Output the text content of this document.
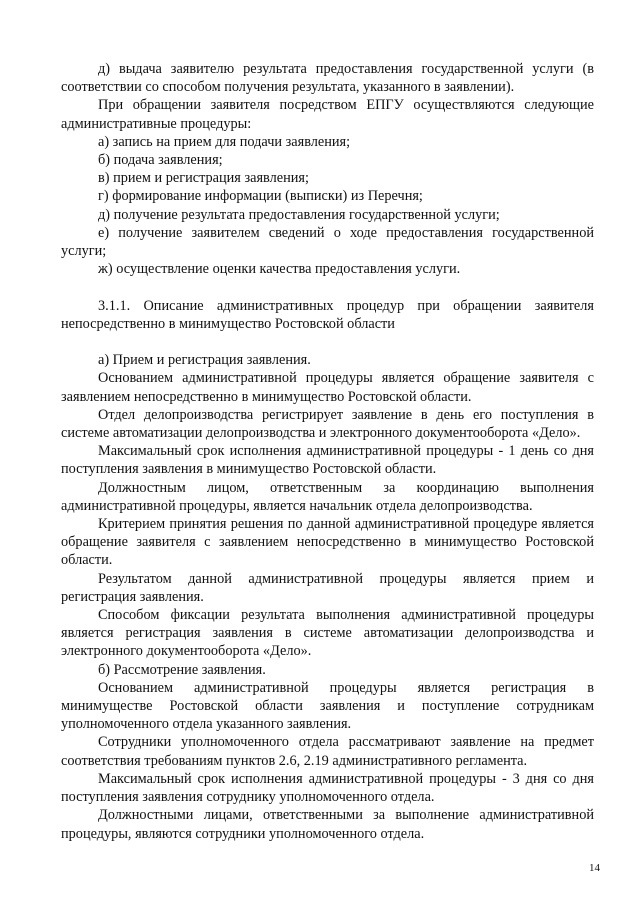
д) выдача заявителю результата предоставления государственной услуги (в соответствии со способом получения результата, указанного в заявлении).

При обращении заявителя посредством ЕПГУ осуществляются следующие административные процедуры:

а) запись на прием для подачи заявления;

б) подача заявления;

в) прием и регистрация заявления;

г) формирование информации (выписки) из Перечня;

д) получение результата предоставления государственной услуги;

е) получение заявителем сведений о ходе предоставления государственной услуги;

ж) осуществление оценки качества предоставления услуги.

3.1.1. Описание административных процедур при обращении заявителя непосредственно в минимущество Ростовской области

а) Прием и регистрация заявления.

Основанием административной процедуры является обращение заявителя с заявлением непосредственно в минимущество Ростовской области.

Отдел делопроизводства регистрирует заявление в день его поступления в системе автоматизации делопроизводства и электронного документооборота «Дело».

Максимальный срок исполнения административной процедуры - 1 день со дня поступления заявления в минимущество Ростовской области.

Должностным лицом, ответственным за координацию выполнения административной процедуры, является начальник отдела делопроизводства.

Критерием принятия решения по данной административной процедуре является обращение заявителя с заявлением непосредственно в минимущество Ростовской области.

Результатом данной административной процедуры является прием и регистрация заявления.

Способом фиксации результата выполнения административной процедуры является регистрация заявления в системе автоматизации делопроизводства и электронного документооборота «Дело».

б) Рассмотрение заявления.

Основанием административной процедуры является регистрация в минимуществе Ростовской области заявления и поступление сотрудникам уполномоченного отдела указанного заявления.

Сотрудники уполномоченного отдела рассматривают заявление на предмет соответствия требованиям пунктов 2.6, 2.19 административного регламента.

Максимальный срок исполнения административной процедуры - 3 дня со дня поступления заявления сотруднику уполномоченного отдела.

Должностными лицами, ответственными за выполнение административной процедуры, являются сотрудники уполномоченного отдела.

14
